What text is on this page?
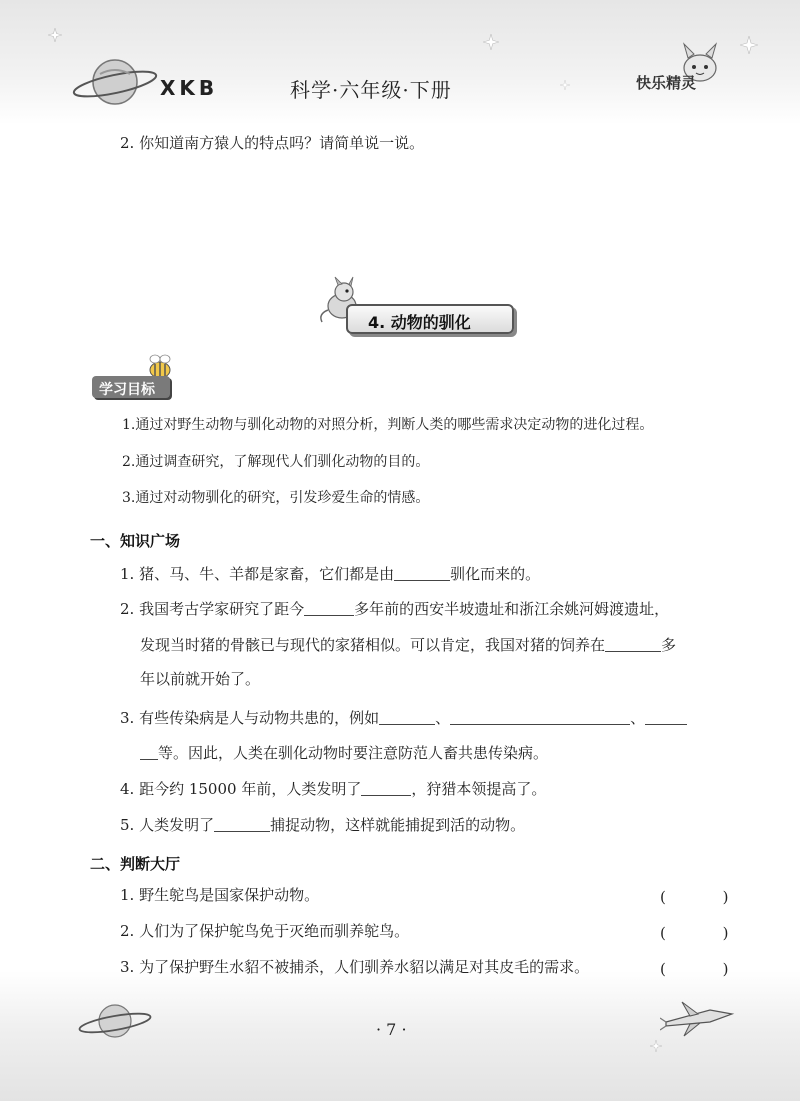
XKB	科学·六年级·下册	快乐精灵
2. 你知道南方猿人的特点吗？请简单说一说。
4. 动物的驯化
学习目标
1.通过对野生动物与驯化动物的对照分析，判断人类的哪些需求决定动物的进化过程。
2.通过调查研究，了解现代人们驯化动物的目的。
3.通过对动物驯化的研究，引发珍爱生命的情感。
一、知识广场
1. 猪、马、牛、羊都是家畜，它们都是由	驯化而来的。
2. 我国考古学家研究了距今	多年前的西安半坡遗址和浙江余姚河姆渡遗址，
发现当时猪的骨骸已与现代的家猪相似。可以肯定，我国对猪的饲养在	多
年以前就开始了。
3. 有些传染病是人与动物共患的，例如	、	、
等。因此，人类在驯化动物时要注意防范人畜共患传染病。
4. 距今约 15000 年前，人类发明了	，狩猎本领提高了。
5. 人类发明了	捕捉动物，这样就能捕捉到活的动物。
二、判断大厅
1. 野生鸵鸟是国家保护动物。	( )
2. 人们为了保护鸵鸟免于灭绝而驯养鸵鸟。	( )
3. 为了保护野生水貂不被捕杀，人们驯养水貂以满足对其皮毛的需求。	( )
· 7 ·
